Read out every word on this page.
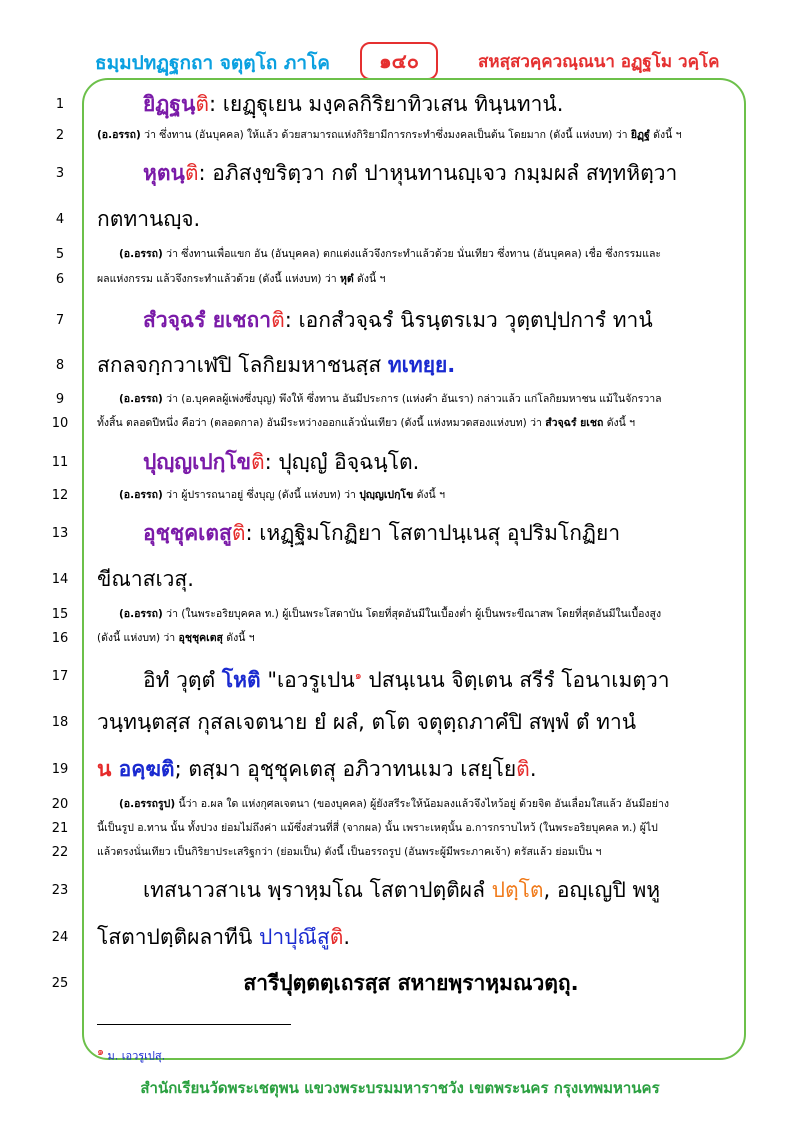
ธมฺมปทฏฺฐกถา จตุตฺโถ ภาโค	๑๔๐	สหสฺสวคฺควณฺณนา อฏฺฐโม วคฺโค
1
2
3
4
5
6
7
8
9
10
11
12
13
14
15
16
17
18
19
20
21
22
23
24
25
ยิฏฺฐนฺติ: เยฏฺฐุเยน มงฺคลกิริยาทิวเสน ทินฺนทานํ.
(อ.อรรถ) ว่า ซึ่งทาน (อันบุคคล) ให้แล้ว ด้วยสามารถแห่งกิริยามีการกระทำซึ่งมงคลเป็นต้น โดยมาก (ดังนี้ แห่งบท) ว่า ยิฏฺฐํ ดังนี้ ฯ
หุตนฺติ: อภิสงฺขริตฺวา กตํ ปาหุนทานญฺเจว กมฺมผลํ สทฺทหิตฺวา
กตทานญฺจ.
(อ.อรรถ) ว่า ซึ่งทานเพื่อแขก อัน (อันบุคคล) ตกแต่งแล้วจึงกระทำแล้วด้วย นั่นเทียว ซึ่งทาน (อันบุคคล) เชื่อ ซึ่งกรรมและ
ผลแห่งกรรม แล้วจึงกระทำแล้วด้วย (ดังนี้ แห่งบท) ว่า หุตํ ดังนี้ ฯ
สํวจฺฉรํ ยเชถาติ: เอกสํวจฺฉรํ นิรนฺตรเมว วุตฺตปฺปการํ ทานํ
สกลจกฺกวาเฬปิ โลกิยมหาชนสฺส ทเทยฺย.
(อ.อรรถ) ว่า (อ.บุคคลผู้เพ่งซึ่งบุญ) พึงให้ ซึ่งทาน อันมีประการ (แห่งคำ อันเรา) กล่าวแล้ว แก่โลกิยมหาชน แม้ในจักรวาล
ทั้งสิ้น ตลอดปีหนึ่ง คือว่า (ตลอดกาล) อันมีระหว่างออกแล้วนั่นเทียว (ดังนี้ แห่งหมวดสองแห่งบท) ว่า สํวจฺฉรํ ยเชถ ดังนี้ ฯ
ปุญฺญเปกฺโขติ: ปุญฺญํ อิจฺฉนฺโต.
(อ.อรรถ) ว่า ผู้ปรารถนาอยู่ ซึ่งบุญ (ดังนี้ แห่งบท) ว่า ปุญฺญเปกฺโข ดังนี้ ฯ
อุชฺชุคเตสูติ: เหฏฺฐิมโกฏิยา โสตาปนฺเนสุ อุปริมโกฏิยา
ขีณาสเวสุ.
(อ.อรรถ) ว่า (ในพระอริยบุคคล ท.) ผู้เป็นพระโสดาบัน โดยที่สุดอันมีในเบื้องต่ำ ผู้เป็นพระขีณาสพ โดยที่สุดอันมีในเบื้องสูง
(ดังนี้ แห่งบท) ว่า อุชฺชุคเตสุ ดังนี้ ฯ
อิทํ วุตฺตํ โหติ "เอวรูเปน$^๑$ ปสนฺเนน จิตฺเตน สรีรํ โอนาเมตฺวา
วนฺทนฺตสฺส กุสลเจตนาย ยํ ผลํ, ตโต จตุตฺถภาคํปิ สพฺพํ ตํ ทานํ
น อคฺฆติ; ตสฺมา อุชฺชุคเตสุ อภิวาทนเมว เสยฺโยติ.
(อ.อรรถรูป) นี้ว่า อ.ผล ใด แห่งกุศลเจตนา (ของบุคคล) ผู้ยังสรีระให้น้อมลงแล้วจึงไหว้อยู่ ด้วยจิต อันเลื่อมใสแล้ว อันมีอย่าง
นี้เป็นรูป อ.ทาน นั้น ทั้งปวง ย่อมไม่ถึงค่า แม้ซึ่งส่วนที่สี่ (จากผล) นั้น เพราะเหตุนั้น อ.การกราบไหว้ (ในพระอริยบุคคล ท.) ผู้ไป
แล้วตรงนั่นเทียว เป็นกิริยาประเสริฐกว่า (ย่อมเป็น) ดังนี้ เป็นอรรถรูป (อันพระผู้มีพระภาคเจ้า) ตรัสแล้ว ย่อมเป็น ฯ
เทสนาวสาเน พฺราหฺมโณ โสตาปตฺติผลํ ปตฺโต, อญฺเญปิ พหู
โสตาปตฺติผลาทีนิ ปาปุณึสูติ.
สารีปุตฺตตฺเถรสฺส สหายพฺราหฺมณวตฺถุ.
๑ ม. เอวรูเปสุ.
สำนักเรียนวัดพระเชตุพน แขวงพระบรมมหาราชวัง เขตพระนคร กรุงเทพมหานคร
